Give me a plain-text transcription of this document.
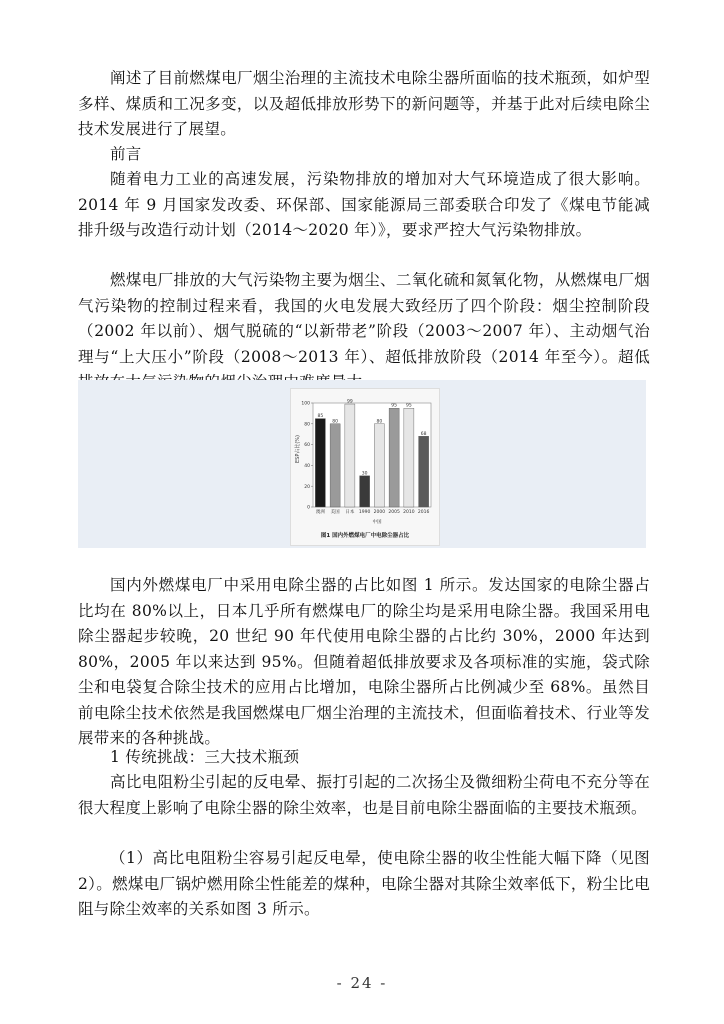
阐述了目前燃煤电厂烟尘治理的主流技术电除尘器所面临的技术瓶颈，如炉型多样、煤质和工况多变，以及超低排放形势下的新问题等，并基于此对后续电除尘技术发展进行了展望。

前言

随着电力工业的高速发展，污染物排放的增加对大气环境造成了很大影响。2014 年 9 月国家发改委、环保部、国家能源局三部委联合印发了《煤电节能减排升级与改造行动计划（2014～2020 年）》，要求严控大气污染物排放。

燃煤电厂排放的大气污染物主要为烟尘、二氧化硫和氮氧化物，从燃煤电厂烟气污染物的控制过程来看，我国的火电发展大致经历了四个阶段：烟尘控制阶段（2002 年以前）、烟气脱硫的“以新带老”阶段（2003～2007 年）、主动烟气治理与“上大压小”阶段（2008～2013 年）、超低排放阶段（2014 年至今）。超低

0
20
40
60
80
100
85
澳洲
80
美国
99
日本
30
1990
80
2000
95
2005
95
2010
68
2016
ESP占比(%)
中国
图1 国内外燃煤电厂中电除尘器占比

国内外燃煤电厂中采用电除尘器的占比如图 1 所示。发达国家的电除尘器占比均在 80%以上，日本几乎所有燃煤电厂的除尘均是采用电除尘器。我国采用电除尘器起步较晚，20 世纪 90 年代使用电除尘器的占比约 30%，2000 年达到 80%，2005 年以来达到 95%。但随着超低排放要求及各项标准的实施，袋式除尘和电袋复合除尘技术的应用占比增加，电除尘器所占比例减少至 68%。虽然目前电除尘技术依然是我国燃煤电厂烟尘治理的主流技术，但面临着技术、行业等发展带来的各种挑战。

1 传统挑战：三大技术瓶颈

高比电阻粉尘引起的反电晕、振打引起的二次扬尘及微细粉尘荷电不充分等在很大程度上影响了电除尘器的除尘效率，也是目前电除尘器面临的主要技术瓶颈。

（1）高比电阻粉尘容易引起反电晕，使电除尘器的收尘性能大幅下降（见图 2）。燃煤电厂锅炉燃用除尘性能差的煤种，电除尘器对其除尘效率低下，粉尘比电阻与除尘效率的关系如图 3 所示。

- 24 -
